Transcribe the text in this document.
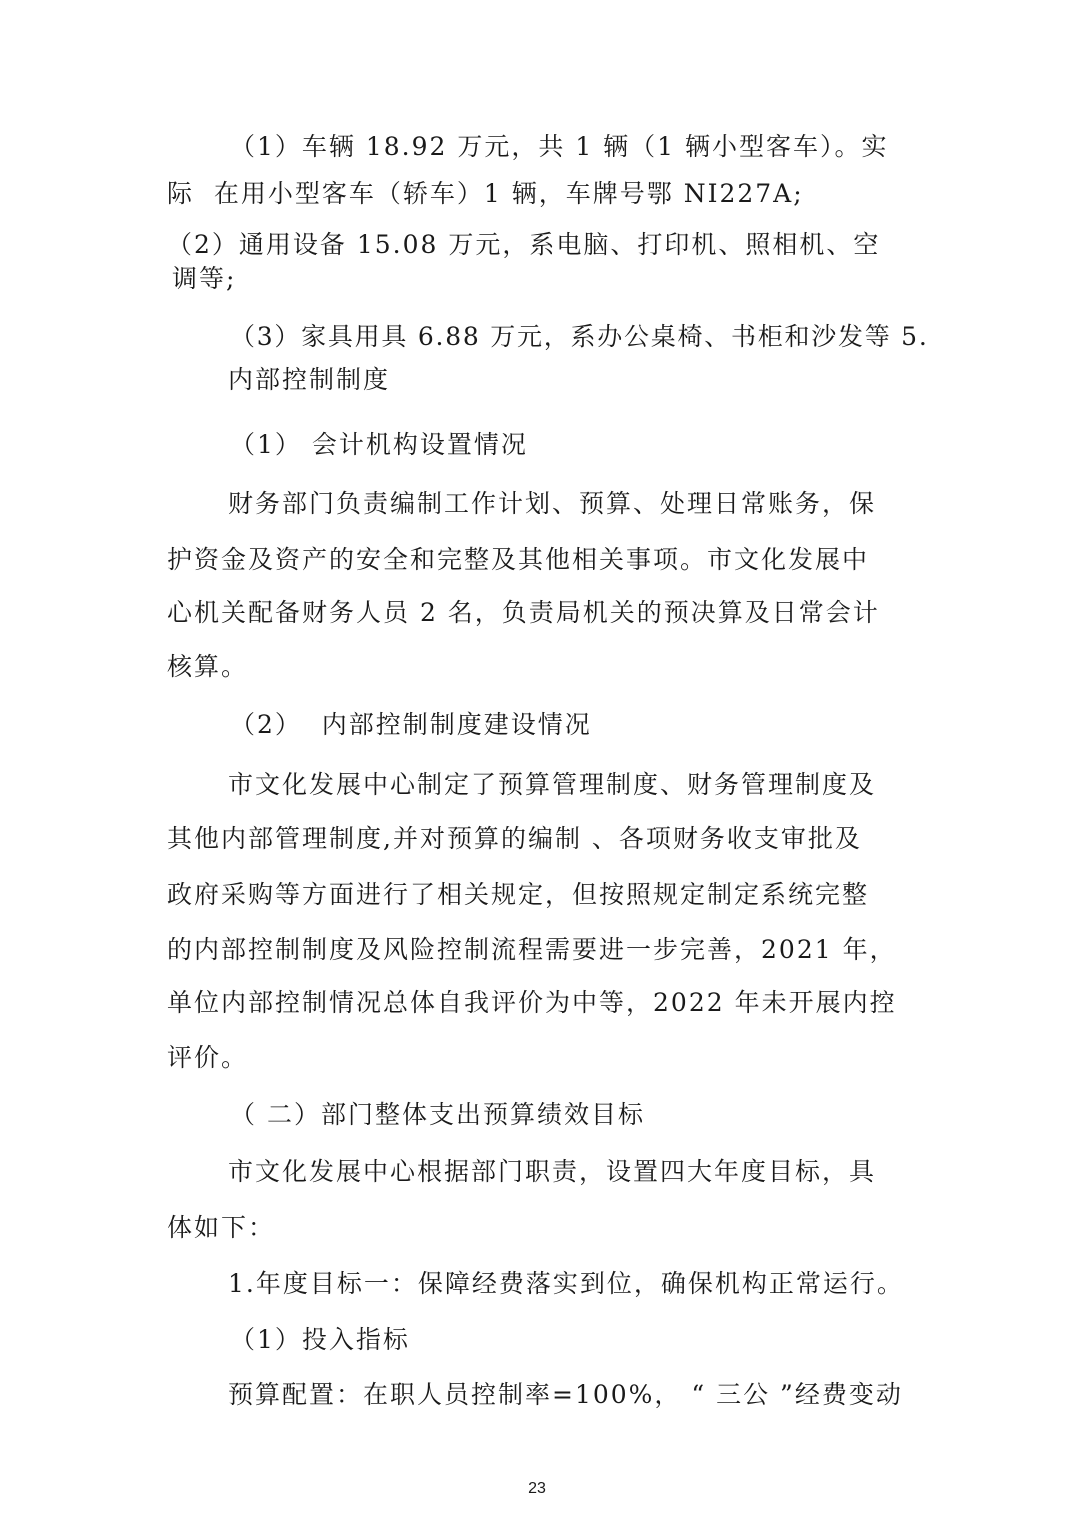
（1）车辆 18.92 万元，共 1 辆（1 辆小型客车）。实
际  在用小型客车（轿车）1 辆，车牌号鄂 NI227A;
（2）通用设备 15.08 万元，系电脑、打印机、照相机、空
调等;
（3）家具用具 6.88 万元，系办公桌椅、书柜和沙发等 5.
内部控制制度
（1） 会计机构设置情况
财务部门负责编制工作计划、预算、处理日常账务，保
护资金及资产的安全和完整及其他相关事项。市文化发展中
心机关配备财务人员 2 名，负责局机关的预决算及日常会计
核算。
（2）  内部控制制度建设情况
市文化发展中心制定了预算管理制度、财务管理制度及
其他内部管理制度,并对预算的编制 、各项财务收支审批及
政府采购等方面进行了相关规定，但按照规定制定系统完整
的内部控制制度及风险控制流程需要进一步完善，2021 年，
单位内部控制情况总体自我评价为中等，2022 年未开展内控
评价。
（ 二）部门整体支出预算绩效目标
市文化发展中心根据部门职责，设置四大年度目标，具
体如下：
1.年度目标一：保障经费落实到位，确保机构正常运行。
（1）投入指标
预算配置：在职人员控制率=100%， “ 三公 ”经费变动
23
